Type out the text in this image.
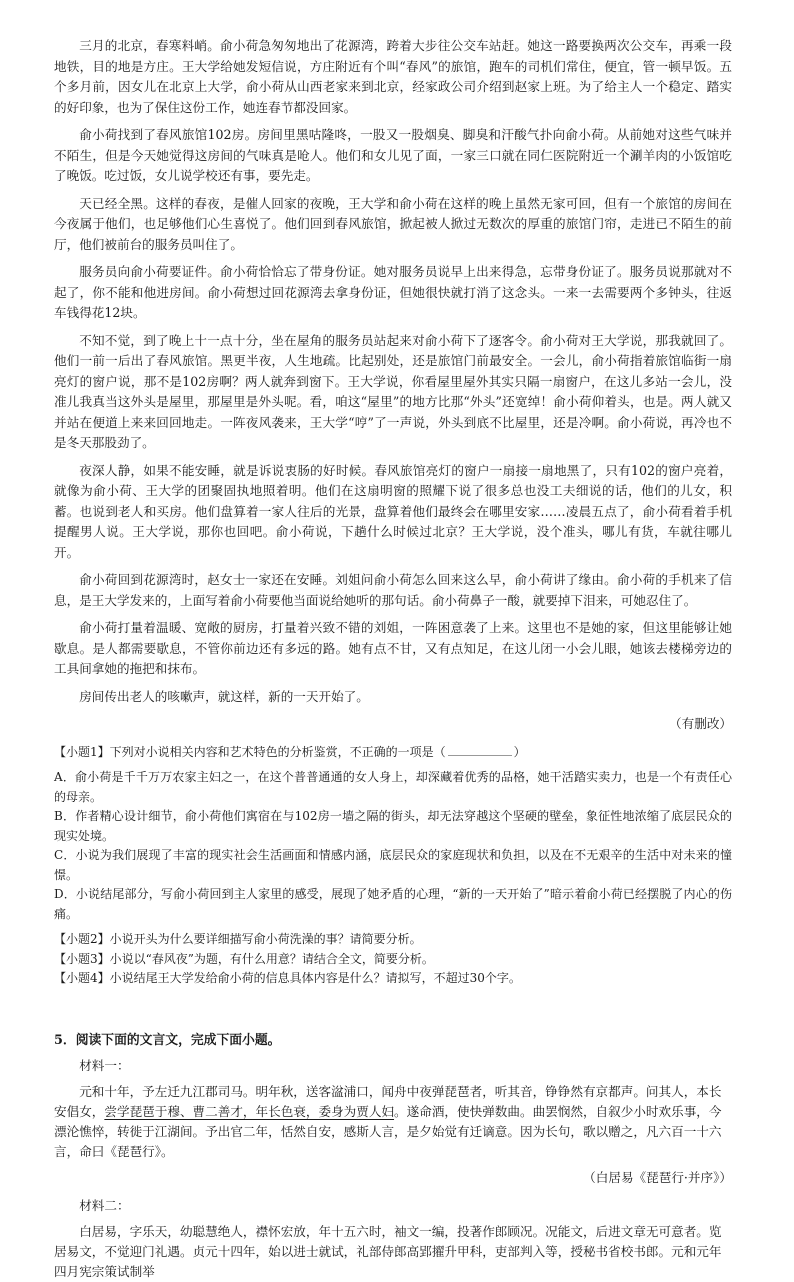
三月的北京，春寒料峭。俞小荷急匆匆地出了花源湾，跨着大步往公交车站赶。她这一路要换两次公交车，再乘一段地铁，目的地是方庄。王大学给她发短信说，方庄附近有个叫“春风”的旅馆，跑车的司机们常住，便宜，管一顿早饭。五个多月前，因女儿在北京上大学，俞小荷从山西老家来到北京，经家政公司介绍到赵家上班。为了给主人一个稳定、踏实的好印象，也为了保住这份工作，她连春节都没回家。

俞小荷找到了春风旅馆102房。房间里黑咕隆咚，一股又一股烟臭、脚臭和汗酸气扑向俞小荷。从前她对这些气味并不陌生，但是今天她觉得这房间的气味真是呛人。他们和女儿见了面，一家三口就在同仁医院附近一个涮羊肉的小饭馆吃了晚饭。吃过饭，女儿说学校还有事，要先走。

天已经全黑。这样的春夜，是催人回家的夜晚，王大学和俞小荷在这样的晚上虽然无家可回，但有一个旅馆的房间在今夜属于他们，也足够他们心生喜悦了。他们回到春风旅馆，掀起被人掀过无数次的厚重的旅馆门帘，走进已不陌生的前厅，他们被前台的服务员叫住了。

服务员向俞小荷要证件。俞小荷恰恰忘了带身份证。她对服务员说早上出来得急，忘带身份证了。服务员说那就对不起了，你不能和他进房间。俞小荷想过回花源湾去拿身份证，但她很快就打消了这念头。一来一去需要两个多钟头，往返车钱得花12块。

不知不觉，到了晚上十一点十分，坐在屋角的服务员站起来对俞小荷下了逐客令。俞小荷对王大学说，那我就回了。他们一前一后出了春风旅馆。黑更半夜，人生地疏。比起别处，还是旅馆门前最安全。一会儿，俞小荷指着旅馆临街一扇亮灯的窗户说，那不是102房啊？两人就奔到窗下。王大学说，你看屋里屋外其实只隔一扇窗户，在这儿多站一会儿，没准儿我真当这外头是屋里，那屋里是外头呢。看，咱这“屋里”的地方比那“外头”还宽绰！俞小荷仰着头，也是。两人就又并站在便道上来来回回地走。一阵夜风袭来，王大学“哼”了一声说，外头到底不比屋里，还是冷啊。俞小荷说，再冷也不是冬天那股劲了。

夜深人静，如果不能安睡，就是诉说衷肠的好时候。春风旅馆亮灯的窗户一扇接一扇地黑了，只有102的窗户亮着，就像为俞小荷、王大学的团聚固执地照着明。他们在这扇明窗的照耀下说了很多总也没工夫细说的话，他们的儿女，积蓄。也说到老人和买房。他们盘算着一家人往后的光景，盘算着他们最终会在哪里安家……凌晨五点了，俞小荷看着手机提醒男人说。王大学说，那你也回吧。俞小荷说，下趟什么时候过北京？王大学说，没个准头，哪儿有货，车就往哪儿开。

俞小荷回到花源湾时，赵女士一家还在安睡。刘姐问俞小荷怎么回来这么早，俞小荷讲了缘由。俞小荷的手机来了信息，是王大学发来的，上面写着俞小荷要他当面说给她听的那句话。俞小荷鼻子一酸，就要掉下泪来，可她忍住了。

俞小荷打量着温暖、宽敞的厨房，打量着兴致不错的刘姐，一阵困意袭了上来。这里也不是她的家，但这里能够让她歇息。是人都需要歇息，不管你前边还有多远的路。她有点不甘，又有点知足，在这儿闭一小会儿眼，她该去楼梯旁边的工具间拿她的拖把和抹布。

房间传出老人的咳嗽声，就这样，新的一天开始了。

（有删改）

【小题1】下列对小说相关内容和艺术特色的分析鉴赏，不正确的一项是（	）

A．俞小荷是千千万万农家主妇之一，在这个普普通通的女人身上，却深藏着优秀的品格，她干活踏实卖力，也是一个有责任心的母亲。

B．作者精心设计细节，俞小荷他们寓宿在与102房一墙之隔的街头，却无法穿越这个坚硬的壁垒，象征性地浓缩了底层民众的现实处境。

C．小说为我们展现了丰富的现实社会生活画面和情感内涵，底层民众的家庭现状和负担，以及在不无艰辛的生活中对未来的憧憬。

D．小说结尾部分，写俞小荷回到主人家里的感受，展现了她矛盾的心理，“新的一天开始了”暗示着俞小荷已经摆脱了内心的伤痛。

【小题2】小说开头为什么要详细描写俞小荷洗澡的事？请简要分析。

【小题3】小说以“春风夜”为题，有什么用意？请结合全文，简要分析。

【小题4】小说结尾王大学发给俞小荷的信息具体内容是什么？请拟写，不超过30个字。

5．阅读下面的文言文，完成下面小题。

材料一：

元和十年，予左迁九江郡司马。明年秋，送客湓浦口，闻舟中夜弹琵琶者，听其音，铮铮然有京都声。问其人，本长安倡女，尝学琵琶于穆、曹二善才，年长色衰，委身为贾人妇。遂命酒，使快弹数曲。曲罢悯然，自叙少小时欢乐事，今漂沦憔悴，转徙于江湖间。予出官二年，恬然自安，感斯人言，是夕始觉有迁谪意。因为长句，歌以赠之，凡六百一十六言，命曰《琵琶行》。

（白居易《琵琶行·并序》）

材料二：

白居易，字乐天，幼聪慧绝人，襟怀宏放，年十五六时，袖文一编，投著作郎顾况。况能文，后进文章无可意者。览居易文，不觉迎门礼遇。贞元十四年，始以进士就试，礼部侍郎高郢擢升甲科，吏部判入等，授秘书省校书郎。元和元年四月宪宗策试制举
